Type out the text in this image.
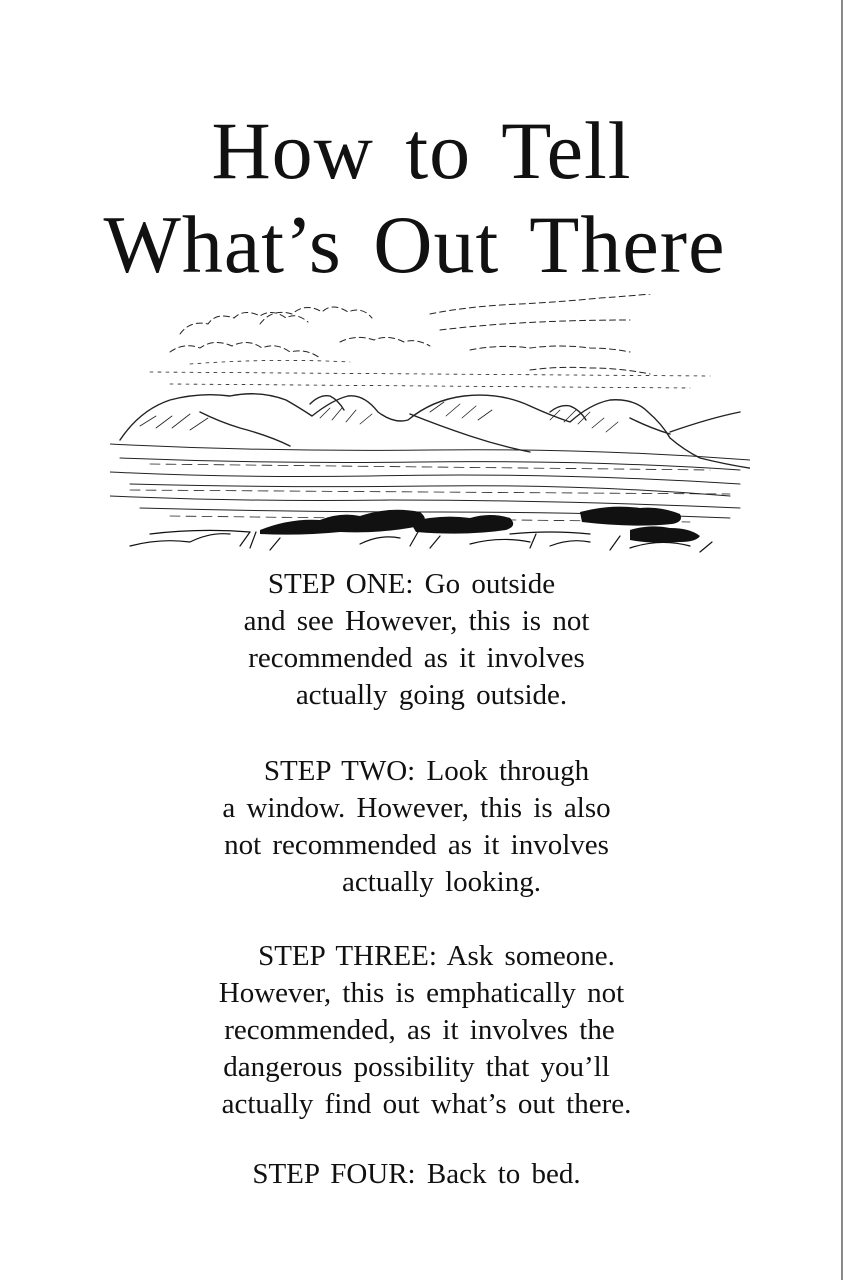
How to Tell
What’s Out There
STEP ONE: Go outside
and see However, this is not
recommended as it involves
actually going outside.
STEP TWO: Look through
a window. However, this is also
not recommended as it involves
actually looking.
STEP THREE: Ask someone.
However, this is emphatically not
recommended, as it involves the
dangerous possibility that you’ll
actually find out what’s out there.
STEP FOUR: Back to bed.
